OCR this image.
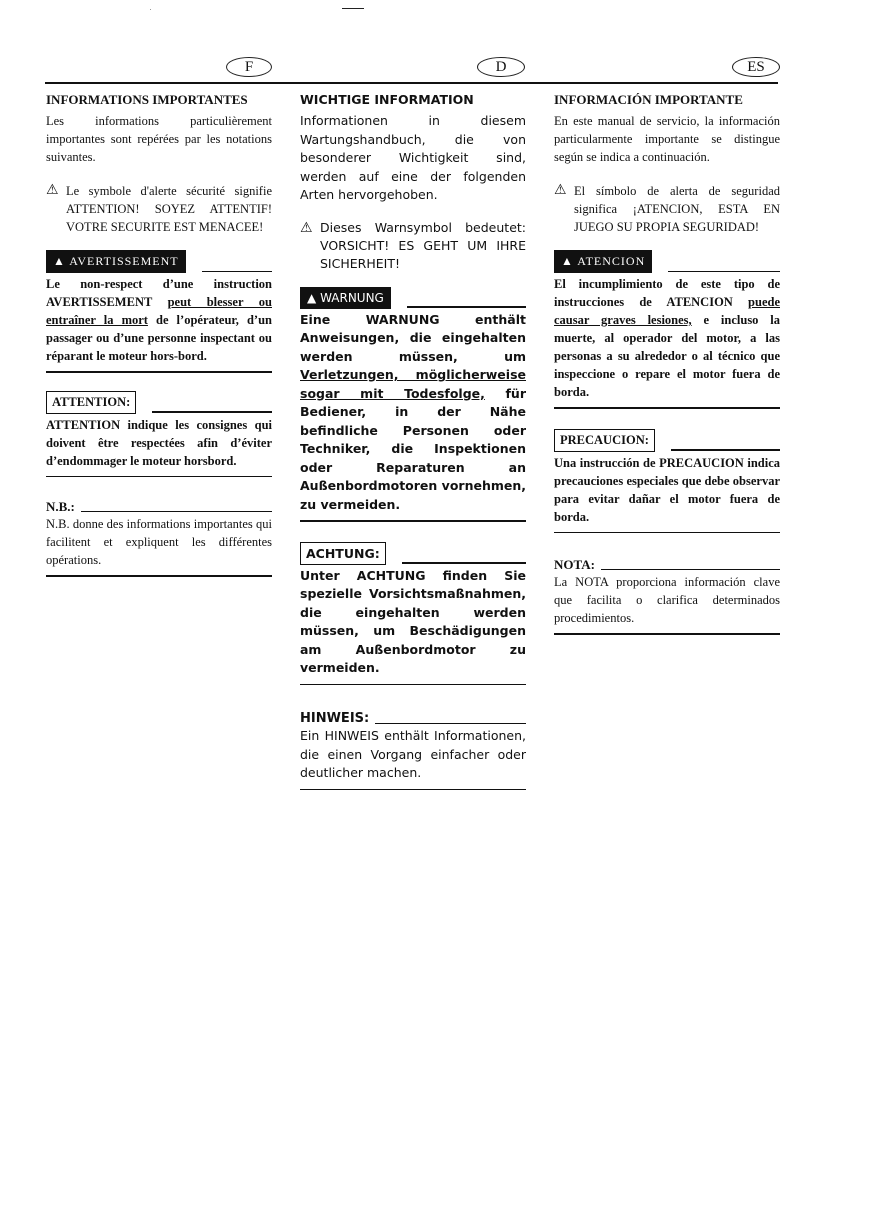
F	D	ES
INFORMATIONS IMPORTANTES

Les informations particulièrement importantes sont repérées par les notations suivantes.

⚠ Le symbole d'alerte sécurité signifie ATTENTION! SOYEZ ATTENTIF! VOTRE SECURITE EST MENACEE!
▲ AVERTISSEMENT

Le non-respect d’une instruction AVERTISSEMENT peut blesser ou entraîner la mort de l’opérateur, d’un passager ou d’une personne inspectant ou réparant le moteur hors-bord.

ATTENTION:

ATTENTION indique les consignes qui doivent être respectées afin d’éviter d’endommager le moteur horsbord.

N.B.:

N.B. donne des informations importantes qui facilitent et expliquent les différentes opérations.

WICHTIGE INFORMATION

Informationen in diesem Wartungshandbuch, die von besonderer Wichtigkeit sind, werden auf eine der folgenden Arten hervorgehoben.

⚠ Dieses Warnsymbol bedeutet: VORSICHT! ES GEHT UM IHRE SICHERHEIT!
▲ WARNUNG

Eine WARNUNG enthält Anweisungen, die eingehalten werden müssen, um Verletzungen, möglicherweise sogar mit Todesfolge, für Bediener, in der Nähe befindliche Personen oder Techniker, die Inspektionen oder Reparaturen an Außenbordmotoren vornehmen, zu vermeiden.

ACHTUNG:

Unter ACHTUNG finden Sie spezielle Vorsichtsmaßnahmen, die eingehalten werden müssen, um Beschädigungen am Außenbordmotor zu vermeiden.

HINWEIS:

Ein HINWEIS enthält Informationen, die einen Vorgang einfacher oder deutlicher machen.

INFORMACIÓN IMPORTANTE

En este manual de servicio, la información particularmente importante se distingue según se indica a continuación.

⚠ El símbolo de alerta de seguridad significa ¡ATENCION, ESTA EN JUEGO SU PROPIA SEGURIDAD!
▲ ATENCION

El incumplimiento de este tipo de instrucciones de ATENCION puede causar graves lesiones, e incluso la muerte, al operador del motor, a las personas a su alrededor o al técnico que inspeccione o repare el motor fuera de borda.

PRECAUCION:

Una instrucción de PRECAUCION indica precauciones especiales que debe observar para evitar dañar el motor fuera de borda.

NOTA:

La NOTA proporciona información clave que facilita o clarifica determinados procedimientos.
